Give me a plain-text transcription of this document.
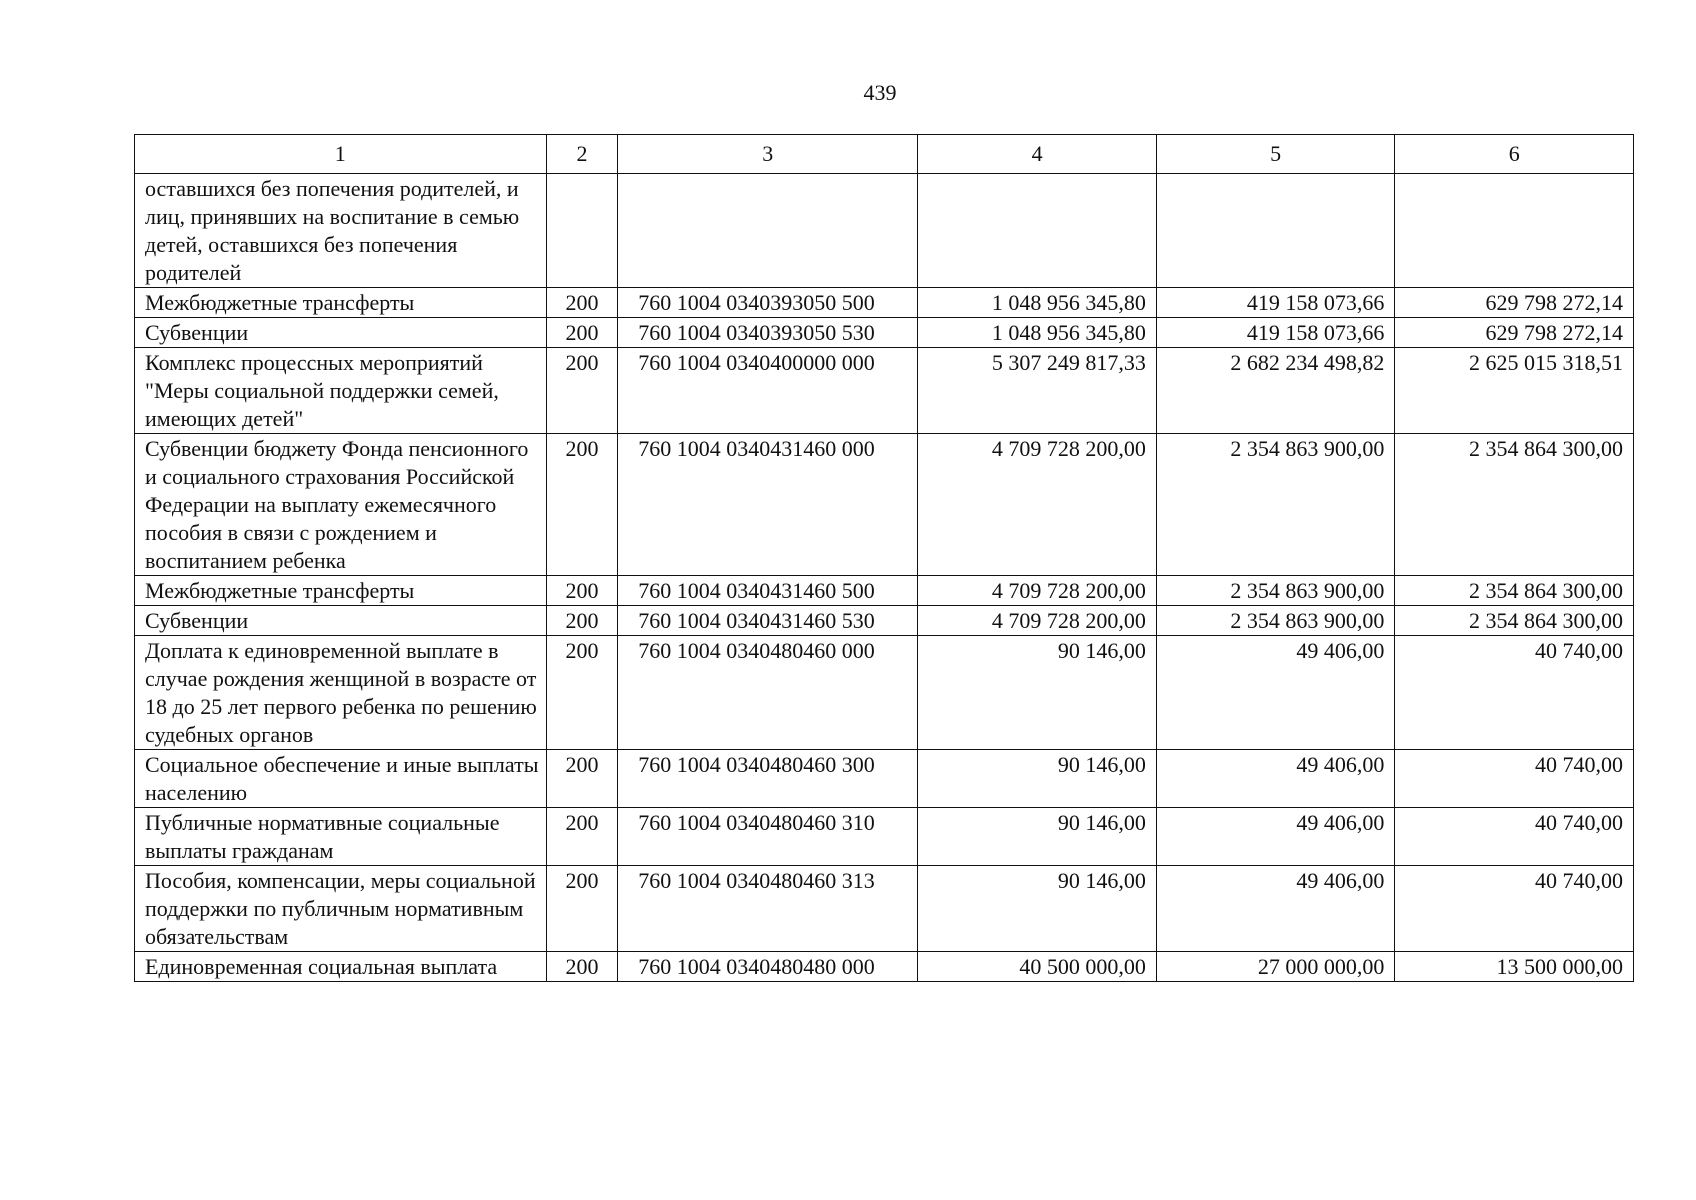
439
1	2	3	4	5	6
оставшихся без попечения родителей, и лиц, принявших на воспитание в семью детей, оставшихся без попечения родителей					
Межбюджетные трансферты	200	760 1004 0340393050 500	1 048 956 345,80	419 158 073,66	629 798 272,14
Субвенции	200	760 1004 0340393050 530	1 048 956 345,80	419 158 073,66	629 798 272,14
Комплекс процессных мероприятий "Меры социальной поддержки семей, имеющих детей"	200	760 1004 0340400000 000	5 307 249 817,33	2 682 234 498,82	2 625 015 318,51
Субвенции бюджету Фонда пенсионного и социального страхования Российской Федерации на выплату ежемесячного пособия в связи с рождением и воспитанием ребенка	200	760 1004 0340431460 000	4 709 728 200,00	2 354 863 900,00	2 354 864 300,00
Межбюджетные трансферты	200	760 1004 0340431460 500	4 709 728 200,00	2 354 863 900,00	2 354 864 300,00
Субвенции	200	760 1004 0340431460 530	4 709 728 200,00	2 354 863 900,00	2 354 864 300,00
Доплата к единовременной выплате в случае рождения женщиной в возрасте от 18 до 25 лет первого ребенка по решению судебных органов	200	760 1004 0340480460 000	90 146,00	49 406,00	40 740,00
Социальное обеспечение и иные выплаты населению	200	760 1004 0340480460 300	90 146,00	49 406,00	40 740,00
Публичные нормативные социальные выплаты гражданам	200	760 1004 0340480460 310	90 146,00	49 406,00	40 740,00
Пособия, компенсации, меры социальной поддержки по публичным нормативным обязательствам	200	760 1004 0340480460 313	90 146,00	49 406,00	40 740,00
Единовременная социальная выплата	200	760 1004 0340480480 000	40 500 000,00	27 000 000,00	13 500 000,00
